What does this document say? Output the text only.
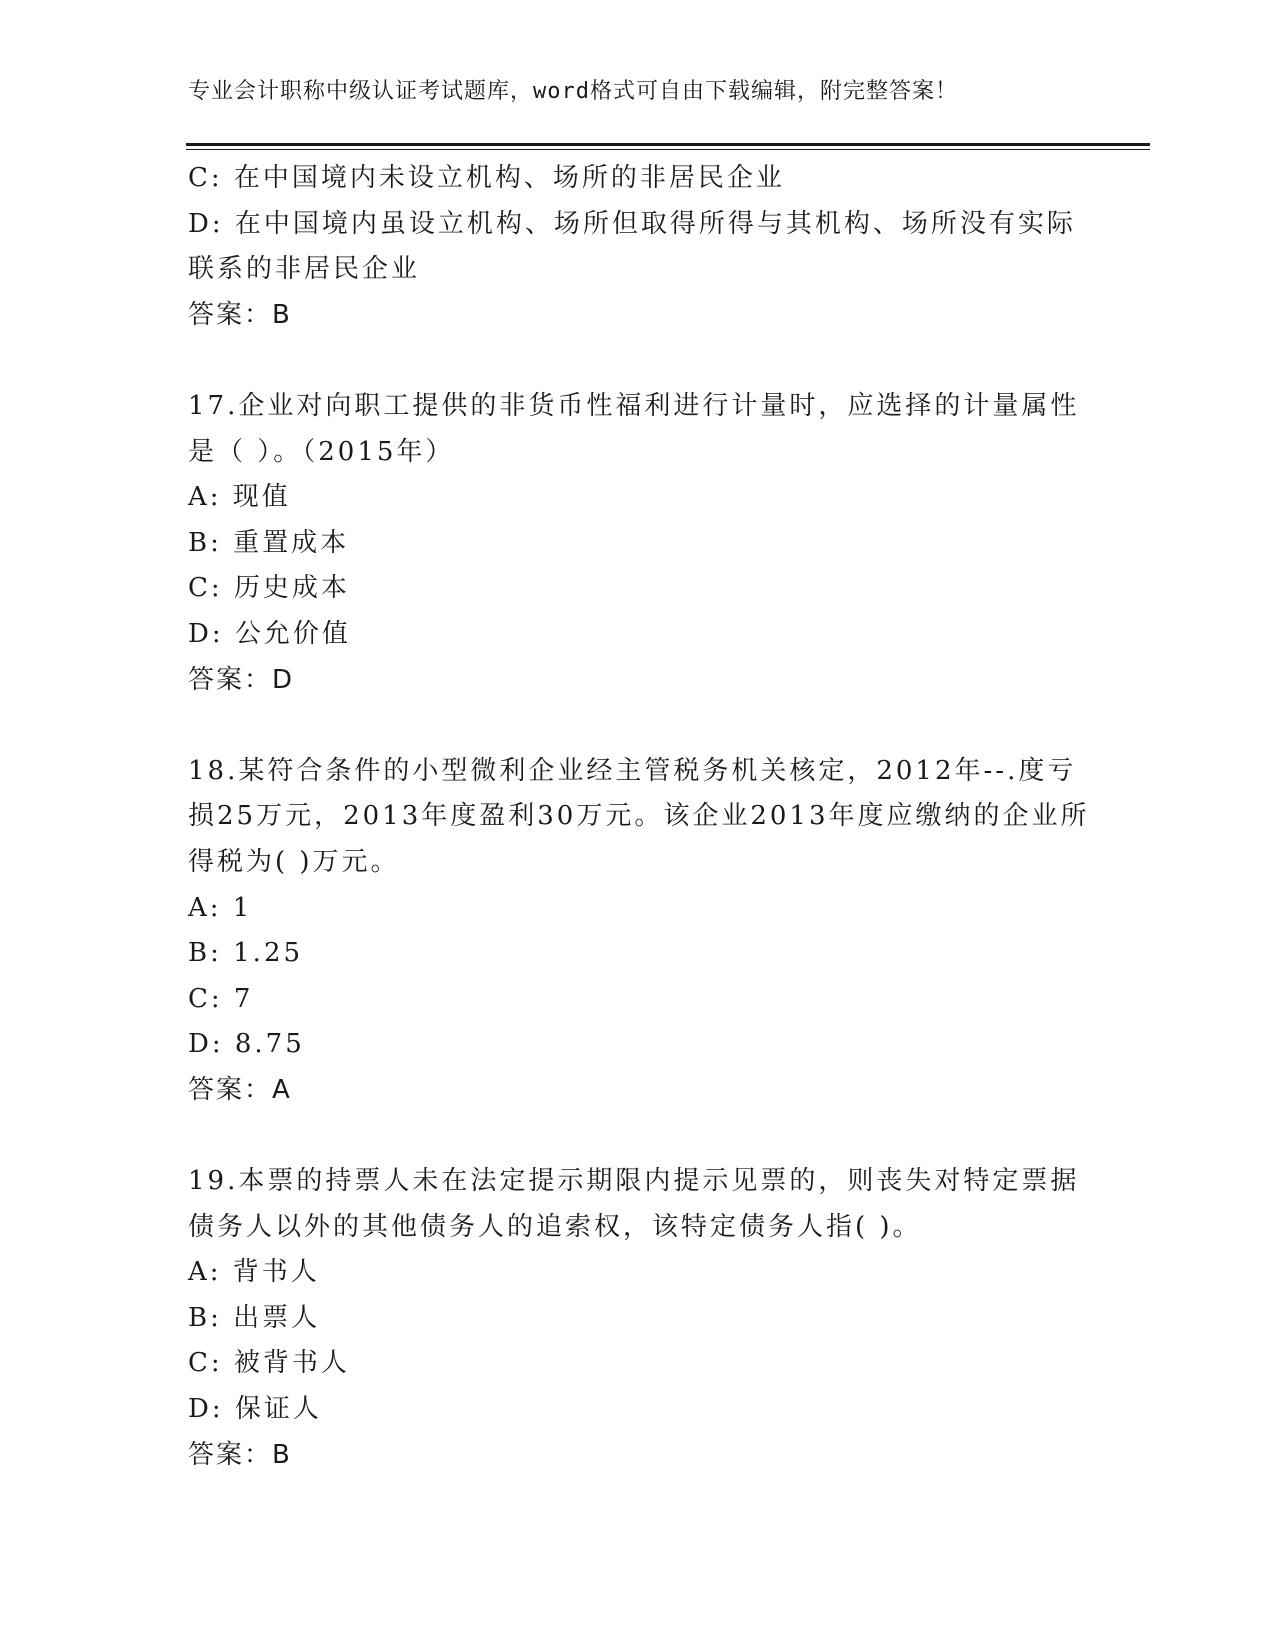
专业会计职称中级认证考试题库，word格式可自由下载编辑，附完整答案！
C: 在中国境内未设立机构、场所的非居民企业
D: 在中国境内虽设立机构、场所但取得所得与其机构、场所没有实际
联系的非居民企业
答案：B
17.企业对向职工提供的非货币性福利进行计量时，应选择的计量属性
是（ ）。（2015年）
A: 现值
B: 重置成本
C: 历史成本
D: 公允价值
答案：D
18.某符合条件的小型微利企业经主管税务机关核定，2012年--.度亏
损25万元，2013年度盈利30万元。该企业2013年度应缴纳的企业所
得税为( )万元。
A: 1
B: 1.25
C: 7
D: 8.75
答案：A
19.本票的持票人未在法定提示期限内提示见票的，则丧失对特定票据
债务人以外的其他债务人的追索权，该特定债务人指( )。
A: 背书人
B: 出票人
C: 被背书人
D: 保证人
答案：B
